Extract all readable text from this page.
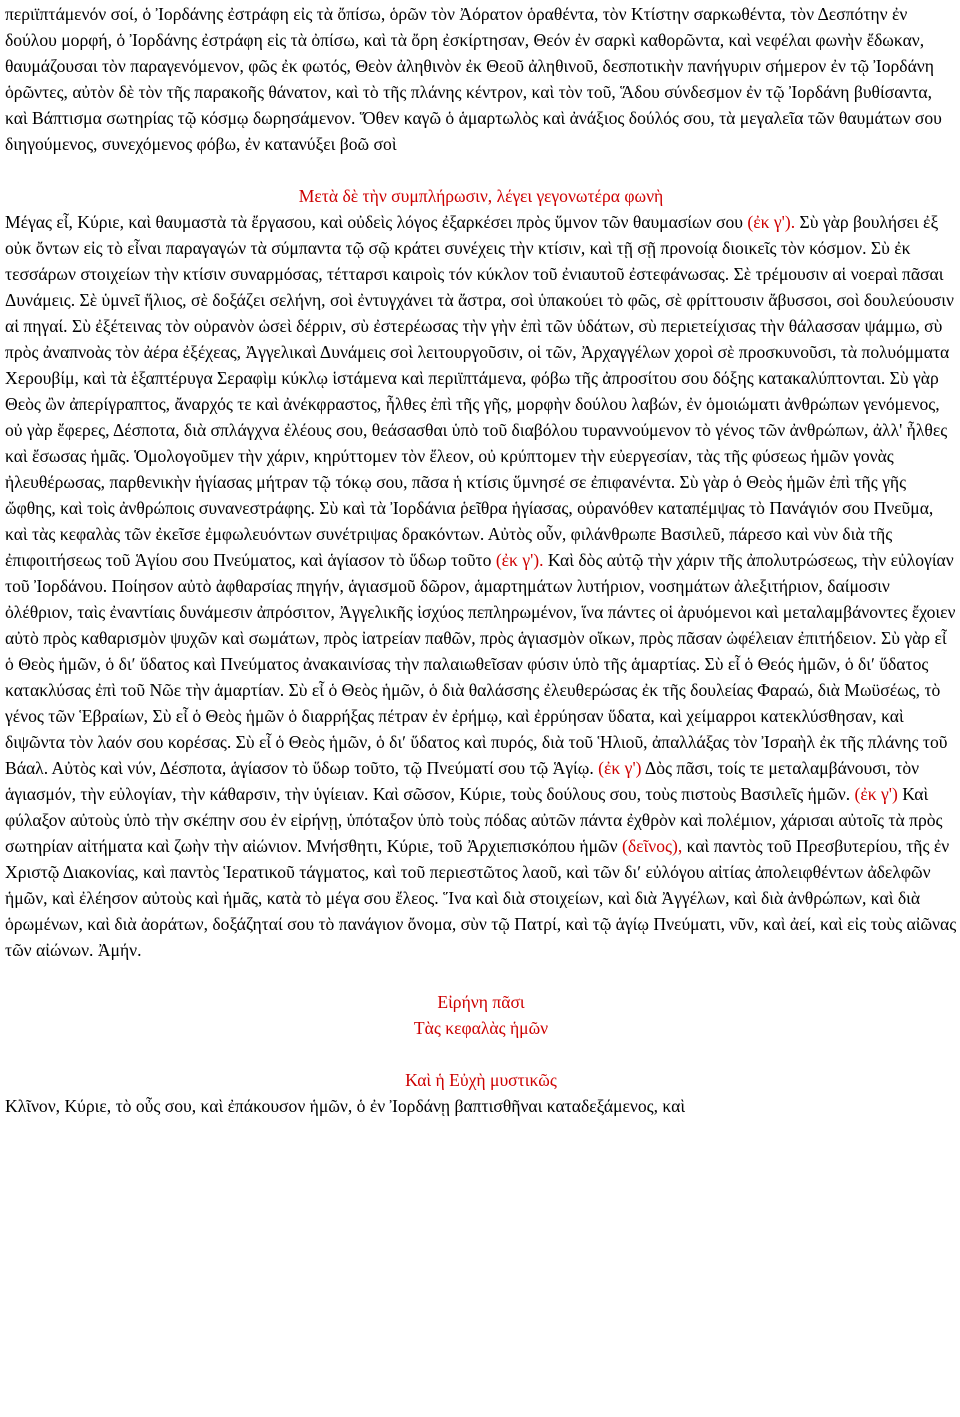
περιϊπτάμενόν σοί, ὁ Ἰορδάνης ἐστράφη εἰς τὰ ὄπίσω, ὁρῶν τὸν Ἀόρατον ὁραθέντα, τὸν Κτίστην σαρκωθέντα, τὸν Δεσπότην ἐν δούλου μορφή, ὁ Ἰορδάνης ἐστράφη εἰς τὰ ὀπίσω, καὶ τὰ ὄρη ἐσκίρτησαν, Θεόν ἐν σαρκὶ καθορῶντα, καὶ νεφέλαι φωνὴν ἔδωκαν, θαυμάζουσαι τὸν παραγενόμενον, φῶς ἐκ φωτός, Θεὸν ἀληθινὸν ἐκ Θεοῦ ἀληθινοῦ, δεσποτικὴν πανήγυριν σήμερον ἐν τῷ Ἰορδάνη ὁρῶντες, αὐτὸν δὲ τὸν τῆς παρακοῆς θάνατον, καὶ τὸ τῆς πλάνης κέντρον, καὶ τὸν τοῦ, Ἅδου σύνδεσμον ἐν τῷ Ἰορδάνη βυθίσαντα, καὶ Βάπτισμα σωτηρίας τῷ κόσμῳ δωρησάμενον. Ὅθεν καγῶ ὁ ἁμαρτωλὸς καὶ ἀνάξιος δούλός σου, τὰ μεγαλεῖα τῶν θαυμάτων σου διηγούμενος, συνεχόμενος φόβω, ἐν κατανύξει βοῶ σοὶ

Μετὰ δὲ τὴν συμπλήρωσιν, λέγει γεγονωτέρα φωνὴ

Μέγας εἶ, Κύριε, καὶ θαυμαστὰ τὰ ἔργασου, καὶ οὐδεὶς λόγος ἐξαρκέσει πρὸς ὕμνον τῶν θαυμασίων σου (ἐκ γ'). Σὺ γὰρ βουλήσει ἐξ οὐκ ὄντων εἰς τὸ εἶναι παραγαγών τὰ σύμπαντα τῷ σῷ κράτει συνέχεις τὴν κτίσιν, καὶ τῇ σῇ προνοίᾳ διοικεῖς τὸν κόσμον. Σὺ ἐκ τεσσάρων στοιχείων τὴν κτίσιν συναρμόσας, τέτταρσι καιροὶς τόν κύκλον τοῦ ἐνιαυτοῦ ἐστεφάνωσας. Σὲ τρέμουσιν αἱ νοεραὶ πᾶσαι Δυνάμεις. Σὲ ὑμνεῖ ἥλιος, σὲ δοξάζει σελήνη, σοὶ ἐντυγχάνει τὰ ἄστρα, σοὶ ὑπακούει τὸ φῶς, σὲ φρίττουσιν ἄβυσσοι, σοὶ δουλεύουσιν αἱ πηγαί. Σὺ ἐξέτεινας τὸν οὐρανὸν ὡσεὶ δέρριν, σὺ ἐστερέωσας τὴν γὴν ἐπὶ τῶν ὑδάτων, σὺ περιετείχισας τὴν θάλασσαν ψάμμω, σὺ πρὸς ἀναπνοὰς τὸν ἀέρα ἐξέχεας, Ἀγγελικαὶ Δυνάμεις σοὶ λειτουργοῦσιν, οἱ τῶν, Ἀρχαγγέλων χοροὶ σὲ προσκυνοῦσι, τὰ πολυόμματα Χερουβίμ, καὶ τὰ ἑξαπτέρυγα Σεραφὶμ κύκλῳ ἱστάμενα καὶ περιϊπτάμενα, φόβω τῆς ἀπροσίτου σου δόξης κατακαλύπτονται. Σὺ γὰρ Θεὸς ὢν ἀπερίγραπτος, ἄναρχός τε καὶ ἀνέκφραστος, ἦλθες ἐπὶ τῆς γῆς, μορφὴν δούλου λαβών, ἐν ὁμοιώματι ἀνθρώπων γενόμενος, οὐ γὰρ ἔφερες, Δέσποτα, διὰ σπλάγχνα ἐλέους σου, θεάσασθαι ὑπὸ τοῦ διαβόλου τυραννούμενον τὸ γένος τῶν ἀνθρώπων, ἀλλ' ἦλθες καὶ ἔσωσας ἡμᾶς. Ὁμολογοῦμεν τὴν χάριν, κηρύττομεν τὸν ἔλεον, οὐ κρύπτομεν τὴν εὐεργεσίαν, τὰς τῆς φύσεως ἡμῶν γονὰς ἠλευθέρωσας, παρθενικὴν ἡγίασας μήτραν τῷ τόκῳ σου, πᾶσα ἡ κτίσις ὕμνησέ σε ἐπιφανέντα. Σὺ γὰρ ὁ Θεὸς ἡμῶν ἐπὶ τῆς γῆς ὤφθης, καὶ τοὶς ἀνθρώποις συνανεστράφης. Σὺ καὶ τὰ Ἰορδάνια ῥεῖθρα ἡγίασας, οὐρανόθεν καταπέμψας τὸ Πανάγιόν σου Πνεῦμα, καὶ τὰς κεφαλὰς τῶν ἐκεῖσε ἐμφωλευόντων συνέτριψας δρακόντων. Αὐτὸς οὖν, φιλάνθρωπε Βασιλεῦ, πάρεσο καὶ νὺν διὰ τῆς ἐπιφοιτήσεως τοῦ Ἁγίου σου Πνεύματος, καὶ ἁγίασον τὸ ὕδωρ τοῦτο (ἐκ γ'). Καὶ δὸς αὐτῷ τὴν χάριν τῆς ἀπολυτρώσεως, τὴν εὐλογίαν τοῦ Ἰορδάνου. Ποίησον αὐτὸ ἀφθαρσίας πηγήν, ἁγιασμοῦ δῶρον, ἁμαρτημάτων λυτήριον, νοσημάτων ἀλεξιτήριον, δαίμοσιν ὀλέθριον, ταὶς ἐναντίαις δυνάμεσιν ἀπρόσιτον, Ἀγγελικῆς ἰσχύος πεπληρωμένον, ἵνα πάντες οἱ ἀρυόμενοι καὶ μεταλαμβάνοντες ἔχοιεν αὐτὸ πρὸς καθαρισμὸν ψυχῶν καὶ σωμάτων, πρὸς ἰατρείαν παθῶν, πρὸς ἁγιασμὸν οἴκων, πρὸς πᾶσαν ὠφέλειαν ἐπιτήδειον. Σὺ γὰρ εἶ ὁ Θεὸς ἡμῶν, ὁ διʹ ὕδατος καὶ Πνεύματος ἀνακαινίσας τὴν παλαιωθεῖσαν φύσιν ὑπὸ τῆς ἁμαρτίας. Σὺ εἶ ὁ Θεός ἡμῶν, ὁ διʹ ὕδατος κατακλύσας ἐπὶ τοῦ Νῶε τὴν ἁμαρτίαν. Σὺ εἶ ὁ Θεὸς ἡμῶν, ὁ διὰ θαλάσσης ἐλευθερώσας ἐκ τῆς δουλείας Φαραώ, διὰ Μωϋσέως, τὸ γένος τῶν Ἑβραίων, Σὺ εἶ ὁ Θεὸς ἡμῶν ὁ διαρρήξας πέτραν ἐν ἐρήμῳ, καὶ ἐρρύησαν ὕδατα, καὶ χείμαρροι κατεκλύσθησαν, καὶ διψῶντα τὸν λαόν σου κορέσας. Σὺ εἶ ὁ Θεὸς ἡμῶν, ὁ διʹ ὕδατος καὶ πυρός, διὰ τοῦ Ἡλιοῦ, ἀπαλλάξας τὸν Ἰσραὴλ ἐκ τῆς πλάνης τοῦ Βάαλ. Αὐτὸς καὶ νύν, Δέσποτα, ἁγίασον τὸ ὕδωρ τοῦτο, τῷ Πνεύματί σου τῷ Ἁγίῳ. (ἐκ γ') Δὸς πᾶσι, τοίς τε μεταλαμβάνουσι, τὸν ἁγιασμόν, τὴν εὐλογίαν, τὴν κάθαρσιν, τὴν ὑγίειαν. Καὶ σῶσον, Κύριε, τοὺς δούλους σου, τοὺς πιστοὺς Βασιλεῖς ἡμῶν. (ἐκ γ') Καὶ φύλαξον αὐτοὺς ὑπὸ τὴν σκέπην σου ἐν εἰρήνῃ, ὑπόταξον ὑπὸ τοὺς πόδας αὐτῶν πάντα ἐχθρὸν καὶ πολέμιον, χάρισαι αὐτοῖς τὰ πρὸς σωτηρίαν αἰτήματα καὶ ζωὴν τὴν αἰώνιον. Μνήσθητι, Κύριε, τοῦ Ἀρχιεπισκόπου ἡμῶν (δεῖνος), καὶ παντὸς τοῦ Πρεσβυτερίου, τῆς ἐν Χριστῷ Διακονίας, καὶ παντὸς Ἱερατικοῦ τάγματος, καὶ τοῦ περιεστῶτος λαοῦ, καὶ τῶν διʹ εὐλόγου αἰτίας ἀπολειφθέντων ἀδελφῶν ἡμῶν, καὶ ἐλέησον αὐτοὺς καὶ ἡμᾶς, κατὰ τὸ μέγα σου ἔλεος. Ἵνα καὶ διὰ στοιχείων, καὶ διὰ Ἀγγέλων, καὶ διὰ ἀνθρώπων, καὶ διὰ ὁρωμένων, καὶ διὰ ἀοράτων, δοξάζηταί σου τὸ πανάγιον ὄνομα, σὺν τῷ Πατρί, καὶ τῷ ἁγίῳ Πνεύματι, νῦν, καὶ ἀεί, καὶ εἰς τοὺς αἰῶνας τῶν αἰώνων. Ἀμήν.

Εἰρήνη πᾶσι

Τὰς κεφαλὰς ἡμῶν

Καὶ ἡ Εὐχὴ μυστικῶς

Κλῖνον, Κύριε, τὸ οὖς σου, καὶ ἐπάκουσον ἡμῶν, ὁ ἐν Ἰορδάνῃ βαπτισθῆναι καταδεξάμενος, καὶ
